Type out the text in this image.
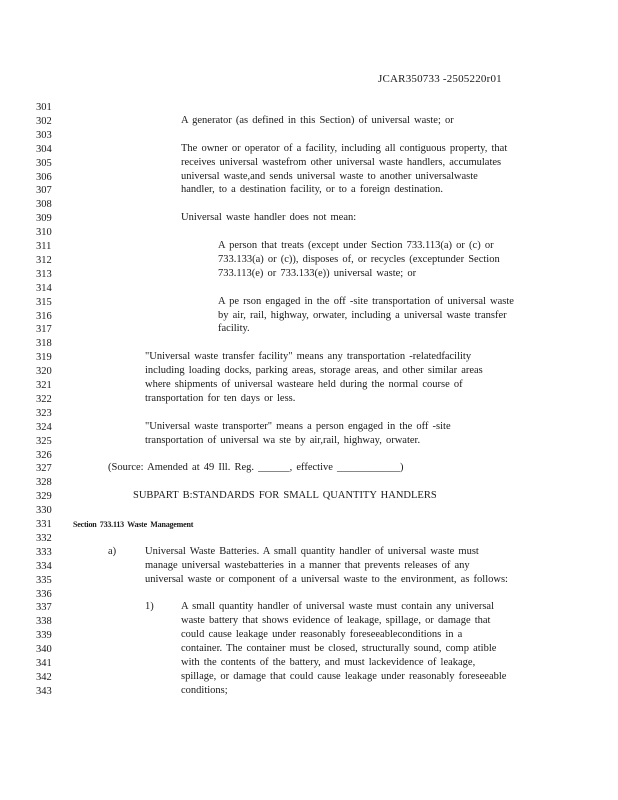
JCAR350733 -2505220r01
301
302
303
304
305
306
307
308
309
310
311
312
313
314
315
316
317
318
319
320
321
322
323
324
325
326
327
328
329
330
331
332
333
334
335
336
337
338
339
340
341
342
343
A generator (as defined in this Section) of universal waste; or
The owner or operator of a facility, including all contiguous property, that
receives universal wastefrom other universal waste handlers, accumulates
universal waste,and sends universal waste to another universalwaste
handler, to a destination facility, or to a foreign destination.
Universal waste handler does not mean:
A person that treats (except under Section 733.113(a) or (c) or
733.133(a) or (c)), disposes of, or recycles (exceptunder Section
733.113(e) or 733.133(e)) universal waste; or
A pe rson engaged in the off -site transportation of universal waste
by air, rail, highway, orwater, including a universal waste transfer
facility.
"Universal waste transfer facility" means any transportation -relatedfacility
including loading docks, parking areas, storage areas, and other similar areas
where shipments of universal wasteare held during the normal course of
transportation for ten days or less.
"Universal waste transporter" means a person engaged in the off -site
transportation of universal wa ste by air,rail, highway, orwater.
(Source: Amended at 49 Ill. Reg. ______, effective ____________)
SUBPART B:STANDARDS FOR SMALL QUANTITY HANDLERS
Section 733.113 Waste Management
a)	Universal Waste Batteries. A small quantity handler of universal waste must
manage universal wastebatteries in a manner that prevents releases of any
universal waste or component of a universal waste to the environment, as follows:
1)	A small quantity handler of universal waste must contain any universal
waste battery that shows evidence of leakage, spillage, or damage that
could cause leakage under reasonably foreseeableconditions in a
container. The container must be closed, structurally sound, comp atible
with the contents of the battery, and must lackevidence of leakage,
spillage, or damage that could cause leakage under reasonably foreseeable
conditions;
